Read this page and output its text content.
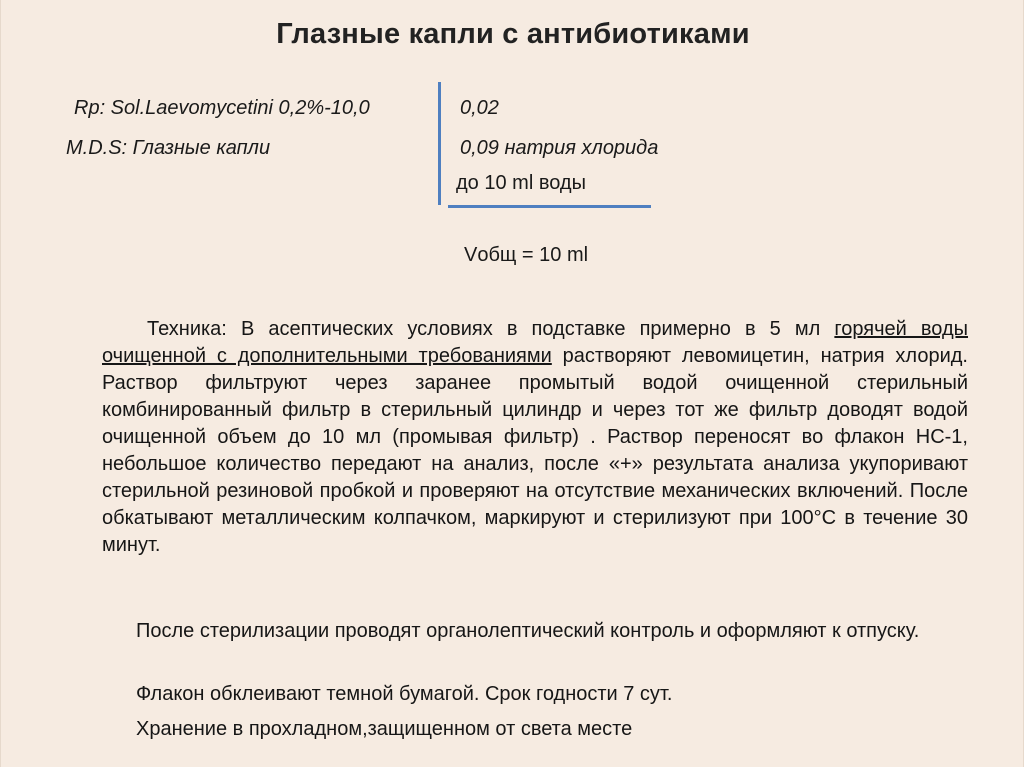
Глазные капли с антибиотиками
Rp: Sol.Laevomycetini 0,2%-10,0
M.D.S: Глазные капли
0,02
0,09 натрия хлорида
до 10 ml воды
Vобщ = 10 ml
Техника: В асептических условиях в подставке примерно в 5 мл горячей воды очищенной с дополнительными требованиями растворяют левомицетин, натрия хлорид. Раствор фильтруют через заранее промытый водой очищенной стерильный комбинированный фильтр в стерильный цилиндр и через тот же фильтр доводят водой очищенной объем до 10 мл (промывая фильтр) . Раствор переносят во флакон НС-1, небольшое количество передают на анализ, после «+» результата анализа укупоривают стерильной резиновой пробкой и проверяют на отсутствие механических включений. После обкатывают металлическим колпачком, маркируют и стерилизуют при 100°С в течение 30 минут.
После стерилизации проводят органолептический контроль и оформляют к отпуску.
Флакон обклеивают темной бумагой. Срок годности 7 сут.
Хранение в прохладном,защищенном от света месте
